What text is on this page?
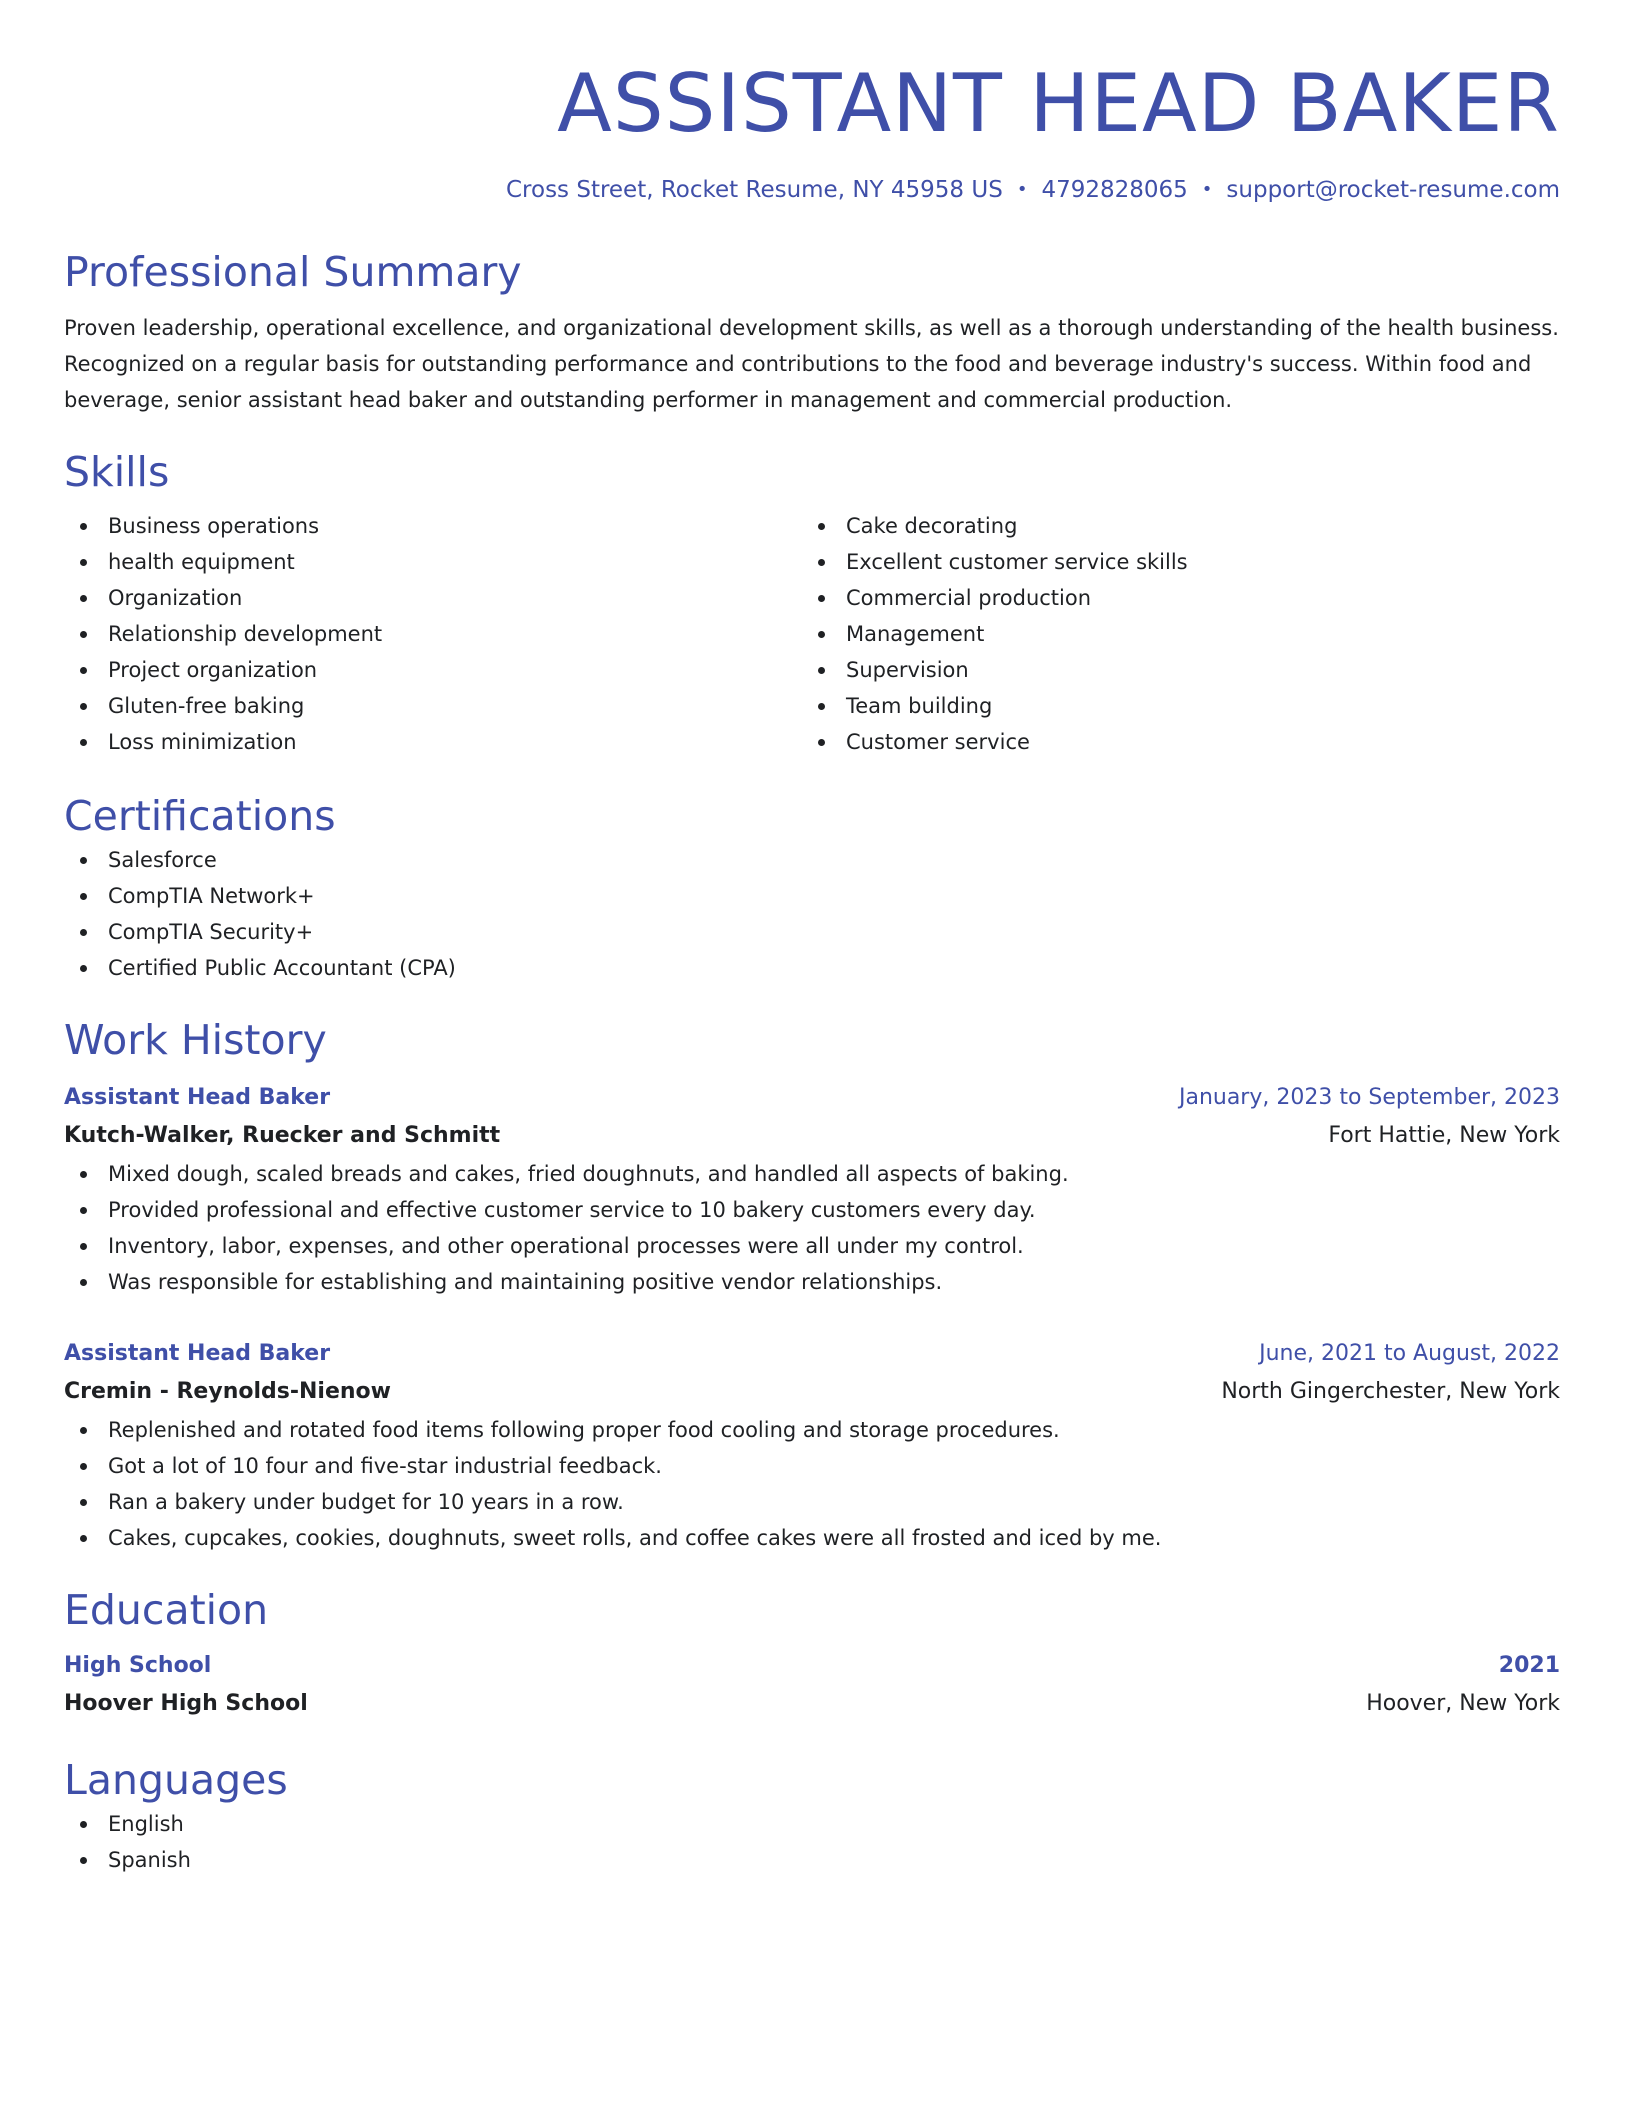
ASSISTANT HEAD BAKER
Cross Street, Rocket Resume, NY 45958 US • 4792828065 • support@rocket-resume.com
Professional Summary
Proven leadership, operational excellence, and organizational development skills, as well as a thorough understanding of the health business. Recognized on a regular basis for outstanding performance and contributions to the food and beverage industry's success. Within food and beverage, senior assistant head baker and outstanding performer in management and commercial production.
Skills
Business operations
health equipment
Organization
Relationship development
Project organization
Gluten-free baking
Loss minimization
Cake decorating
Excellent customer service skills
Commercial production
Management
Supervision
Team building
Customer service
Certifications
Salesforce
CompTIA Network+
CompTIA Security+
Certified Public Accountant (CPA)
Work History
Assistant Head Baker	January, 2023 to September, 2023
Kutch-Walker, Ruecker and Schmitt	Fort Hattie, New York
Mixed dough, scaled breads and cakes, fried doughnuts, and handled all aspects of baking.
Provided professional and effective customer service to 10 bakery customers every day.
Inventory, labor, expenses, and other operational processes were all under my control.
Was responsible for establishing and maintaining positive vendor relationships.
Assistant Head Baker	June, 2021 to August, 2022
Cremin - Reynolds-Nienow	North Gingerchester, New York
Replenished and rotated food items following proper food cooling and storage procedures.
Got a lot of 10 four and five-star industrial feedback.
Ran a bakery under budget for 10 years in a row.
Cakes, cupcakes, cookies, doughnuts, sweet rolls, and coffee cakes were all frosted and iced by me.
Education
High School	2021
Hoover High School	Hoover, New York
Languages
English
Spanish
